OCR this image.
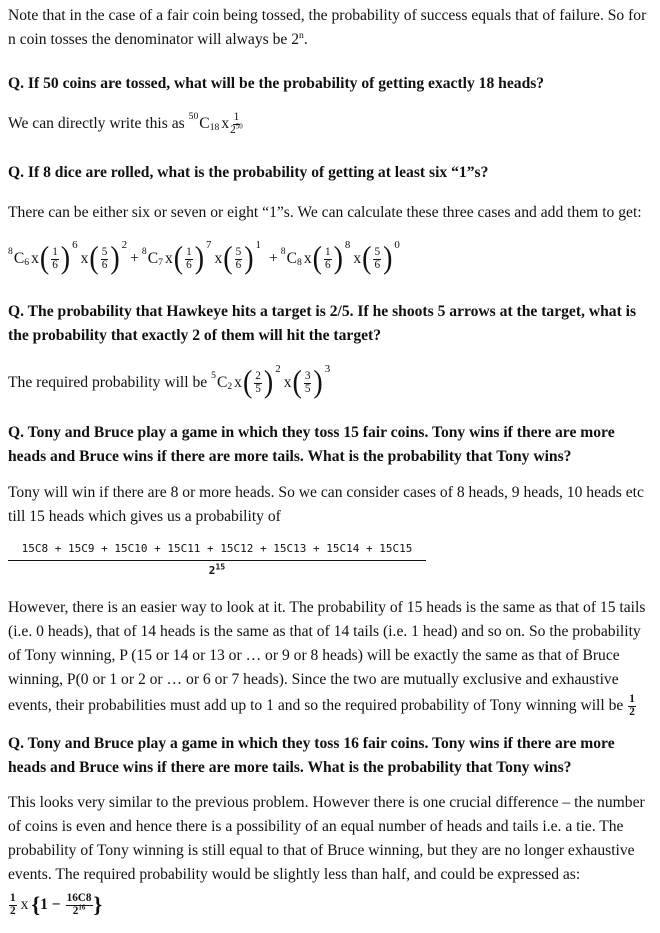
Note that in the case of a fair coin being tossed, the probability of success equals that of failure. So for
n coin tosses the denominator will always be 2$^n$.
Q. If 50 coins are tossed, what will be the probability of getting exactly 18 heads?
We can directly write this as
50 C 18 x $\frac{1}{2^{50}}$
Q. If 8 dice are rolled, what is the probability of getting at least six “1”s?
There can be either six or seven or eight “1”s. We can calculate these three cases and add them to get:
8 C 6 x ( $\frac{1}{6}$ ) 6
x ( $\frac{5}{6}$ ) 2
+ 8 C 7 x ( $\frac{1}{6}$ ) 7
x ( $\frac{5}{6}$ ) 1
+ 8 C 8 x ( $\frac{1}{6}$ ) 8
x ( $\frac{5}{6}$ ) 0
Q. The probability that Hawkeye hits a target is 2/5. If he shoots 5 arrows at the target, what is
the probability that exactly 2 of them will hit the target?
The required probability will be
5 C 2 x ( $\frac{2}{5}$ ) 2
x ( $\frac{3}{5}$ ) 3
Q. Tony and Bruce play a game in which they toss 15 fair coins. Tony wins if there are more
heads and Bruce wins if there are more tails. What is the probability that Tony wins?
Tony will win if there are 8 or more heads. So we can consider cases of 8 heads, 9 heads, 10 heads etc
till 15 heads which gives us a probability of
$\frac{15C8 + 15C9 + 15C10 + 15C11 + 15C12 + 15C13 + 15C14 + 15C15}{2^{15}}$
However, there is an easier way to look at it. The probability of 15 heads is the same as that of 15 tails
(i.e. 0 heads), that of 14 heads is the same as that of 14 tails (i.e. 1 head) and so on. So the probability
of Tony winning, P (15 or 14 or 13 or … or 9 or 8 heads) will be exactly the same as that of Bruce
winning, P(0 or 1 or 2 or … or 6 or 7 heads). Since the two are mutually exclusive and exhaustive
events, their probabilities must add up to 1 and so the required probability of Tony winning will be
$\frac{1}{2}$
Q. Tony and Bruce play a game in which they toss 16 fair coins. Tony wins if there are more
heads and Bruce wins if there are more tails. What is the probability that Tony wins?
This looks very similar to the previous problem. However there is one crucial difference – the number
of coins is even and hence there is a possibility of an equal number of heads and tails i.e. a tie. The
probability of Tony winning is still equal to that of Bruce winning, but they are no longer exhaustive
events. The required probability would be slightly less than half, and could be expressed as:
$\frac{1}{2}$ x { 1
−
$\frac{16C8}{2^{16}}$ }
